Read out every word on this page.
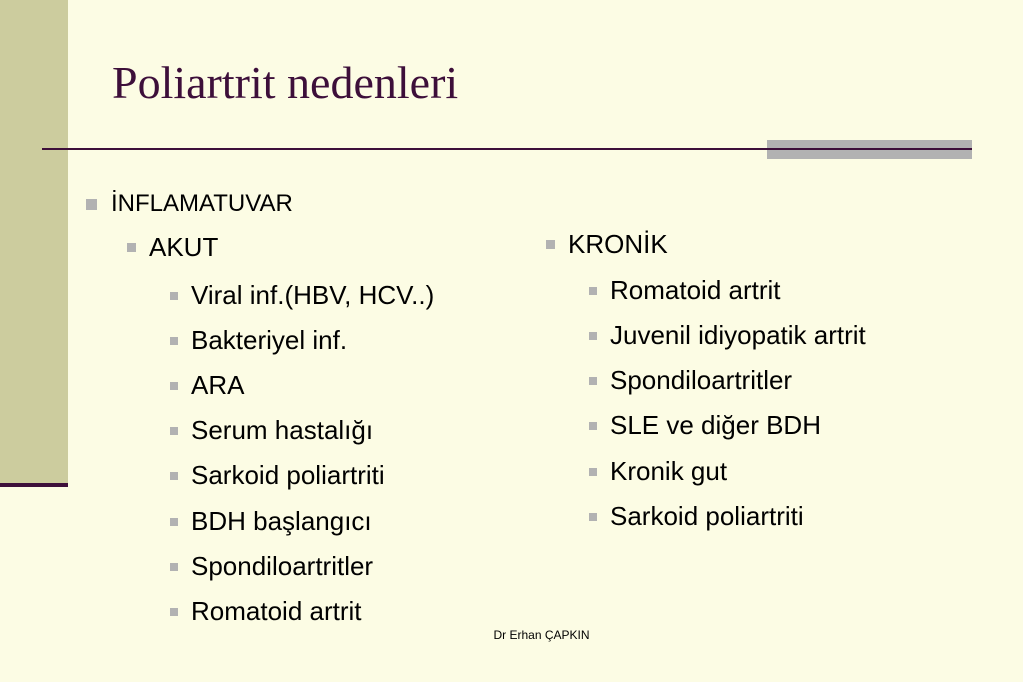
Poliartrit nedenleri
İNFLAMATUVAR
AKUT
Viral inf.(HBV, HCV..)
Bakteriyel inf.
ARA
Serum hastalığı
Sarkoid poliartriti
BDH başlangıcı
Spondiloartritler
Romatoid artrit
KRONİK
Romatoid artrit
Juvenil idiyopatik artrit
Spondiloartritler
SLE ve diğer BDH
Kronik gut
Sarkoid poliartriti
Dr Erhan ÇAPKIN
